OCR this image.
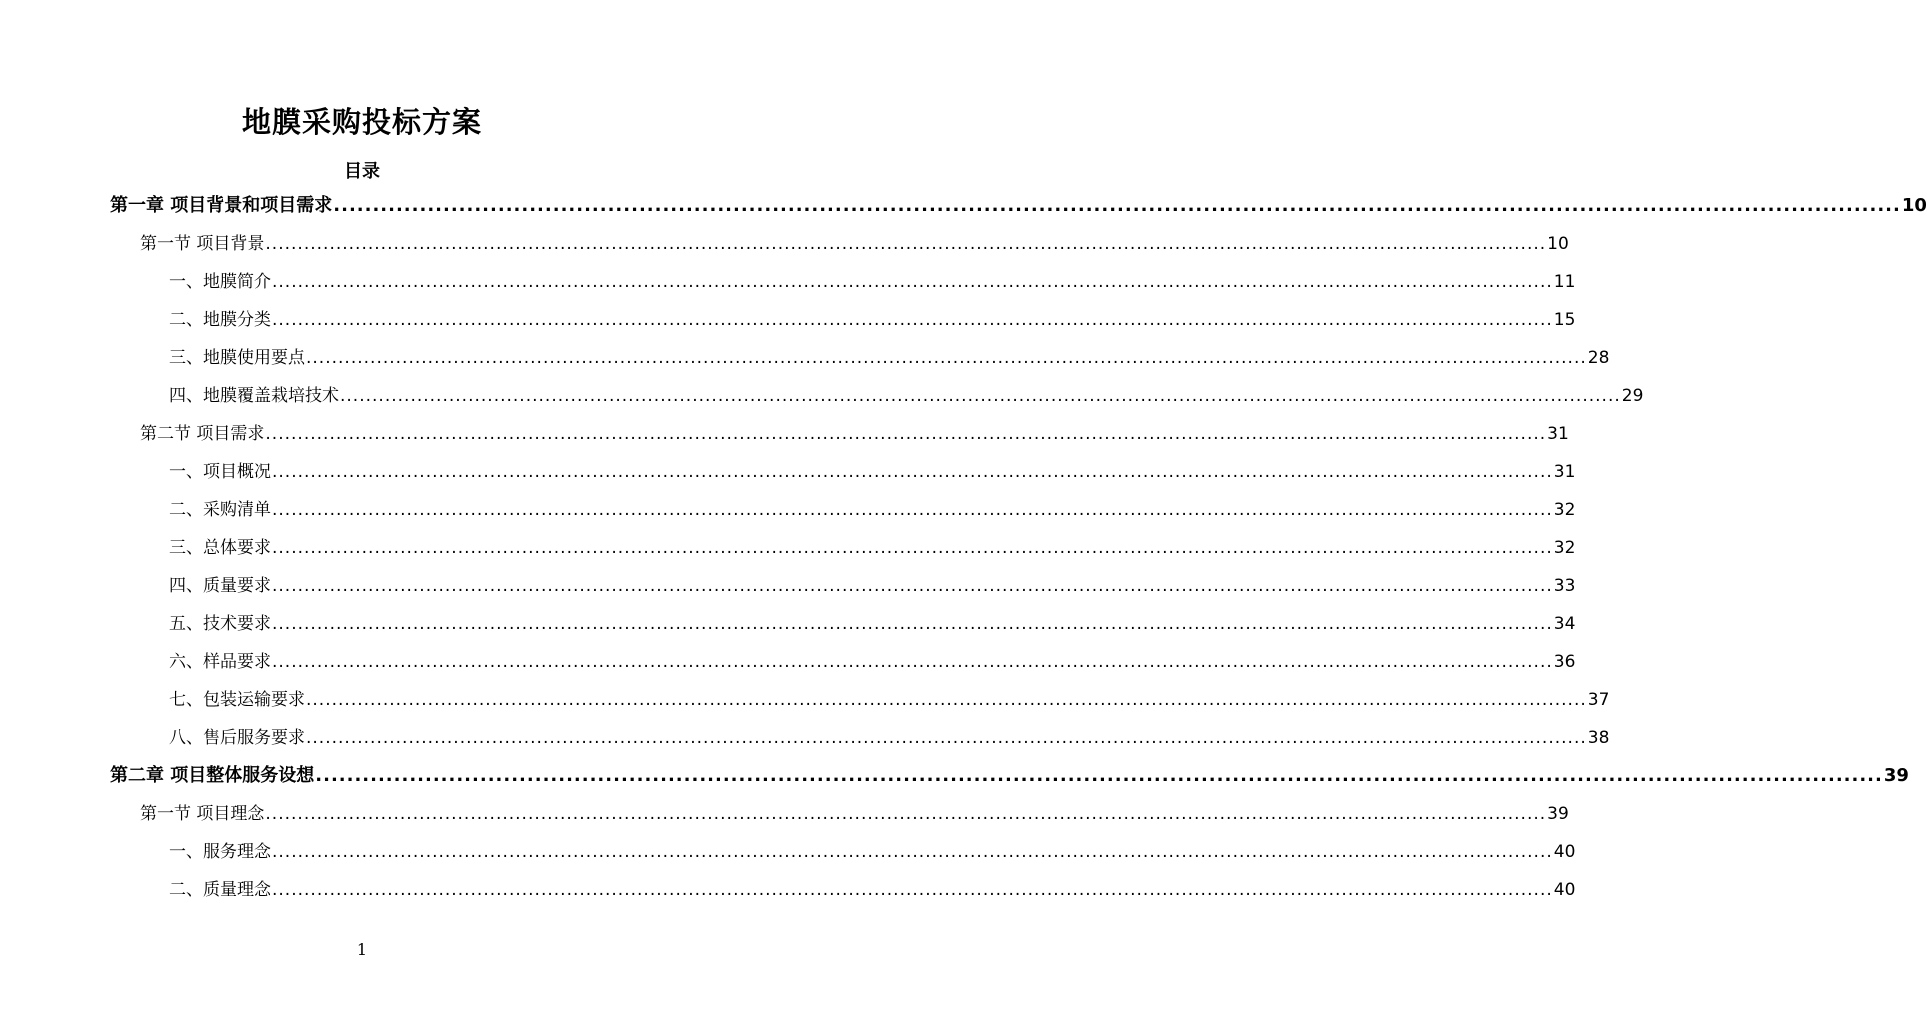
地膜采购投标方案
目录
第一章 项目背景和项目需求 ........................................................................................................................................................................................................ 10
第一节 项目背景 ........................................................................................................................................................................................................ 10
一、地膜简介 ........................................................................................................................................................................................................ 11
二、地膜分类 ........................................................................................................................................................................................................ 15
三、地膜使用要点 ........................................................................................................................................................................................................ 28
四、地膜覆盖栽培技术 ........................................................................................................................................................................................................ 29
第二节 项目需求 ........................................................................................................................................................................................................ 31
一、项目概况 ........................................................................................................................................................................................................ 31
二、采购清单 ........................................................................................................................................................................................................ 32
三、总体要求 ........................................................................................................................................................................................................ 32
四、质量要求 ........................................................................................................................................................................................................ 33
五、技术要求 ........................................................................................................................................................................................................ 34
六、样品要求 ........................................................................................................................................................................................................ 36
七、包装运输要求 ........................................................................................................................................................................................................ 37
八、售后服务要求 ........................................................................................................................................................................................................ 38
第二章 项目整体服务设想 ........................................................................................................................................................................................................ 39
第一节 项目理念 ........................................................................................................................................................................................................ 39
一、服务理念 ........................................................................................................................................................................................................ 40
二、质量理念 ........................................................................................................................................................................................................ 40
1
